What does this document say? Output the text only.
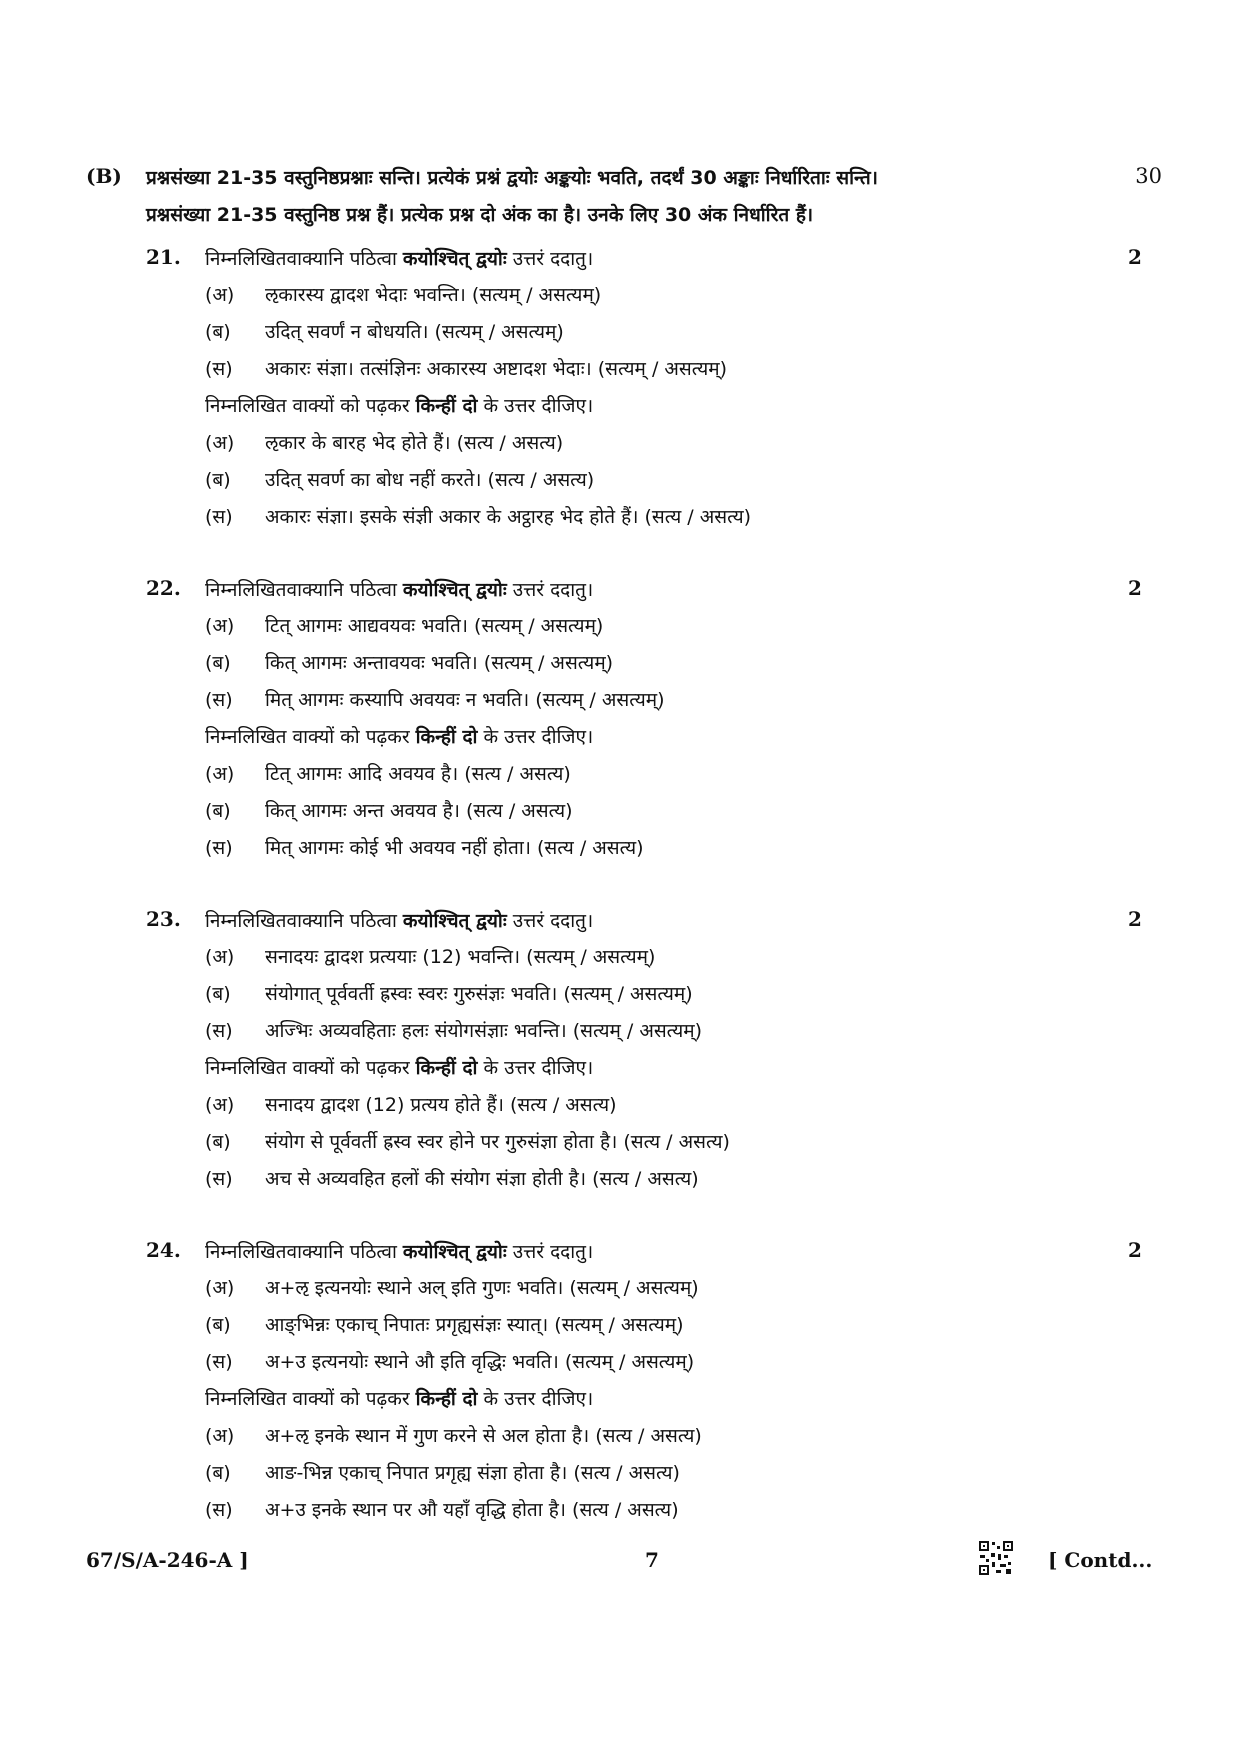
(B) प्रश्नसंख्या 21-35 वस्तुनिष्ठप्रश्नाः सन्ति। प्रत्येकं प्रश्नं द्वयोः अङ्कयोः भवति, तदर्थं 30 अङ्काः निर्धारिताः सन्ति।
प्रश्नसंख्या 21-35 वस्तुनिष्ठ प्रश्न हैं। प्रत्येक प्रश्न दो अंक का है। उनके लिए 30 अंक निर्धारित हैं।
30
21. निम्नलिखितवाक्यानि पठित्वा कयोश्चित् द्वयोः उत्तरं ददातु।	2
(अ) ऌकारस्य द्वादश भेदाः भवन्ति। (सत्यम् / असत्यम्)
(ब) उदित् सवर्णं न बोधयति। (सत्यम् / असत्यम्)
(स) अकारः संज्ञा। तत्संज्ञिनः अकारस्य अष्टादश भेदाः। (सत्यम् / असत्यम्)
निम्नलिखित वाक्यों को पढ़कर किन्हीं दो के उत्तर दीजिए।
(अ) ऌकार के बारह भेद होते हैं। (सत्य / असत्य)
(ब) उदित् सवर्ण का बोध नहीं करते। (सत्य / असत्य)
(स) अकारः संज्ञा। इसके संज्ञी अकार के अट्ठारह भेद होते हैं। (सत्य / असत्य)
22. निम्नलिखितवाक्यानि पठित्वा कयोश्चित् द्वयोः उत्तरं ददातु।	2
(अ) टित् आगमः आद्यवयवः भवति। (सत्यम् / असत्यम्)
(ब) कित् आगमः अन्तावयवः भवति। (सत्यम् / असत्यम्)
(स) मित् आगमः कस्यापि अवयवः न भवति। (सत्यम् / असत्यम्)
निम्नलिखित वाक्यों को पढ़कर किन्हीं दो के उत्तर दीजिए।
(अ) टित् आगमः आदि अवयव है। (सत्य / असत्य)
(ब) कित् आगमः अन्त अवयव है। (सत्य / असत्य)
(स) मित् आगमः कोई भी अवयव नहीं होता। (सत्य / असत्य)
23. निम्नलिखितवाक्यानि पठित्वा कयोश्चित् द्वयोः उत्तरं ददातु।	2
(अ) सनादयः द्वादश प्रत्ययाः (12) भवन्ति। (सत्यम् / असत्यम्)
(ब) संयोगात् पूर्ववर्ती ह्रस्वः स्वरः गुरुसंज्ञः भवति। (सत्यम् / असत्यम्)
(स) अज्भिः अव्यवहिताः हलः संयोगसंज्ञाः भवन्ति। (सत्यम् / असत्यम्)
निम्नलिखित वाक्यों को पढ़कर किन्हीं दो के उत्तर दीजिए।
(अ) सनादय द्वादश (12) प्रत्यय होते हैं। (सत्य / असत्य)
(ब) संयोग से पूर्ववर्ती ह्रस्व स्वर होने पर गुरुसंज्ञा होता है। (सत्य / असत्य)
(स) अच से अव्यवहित हलों की संयोग संज्ञा होती है। (सत्य / असत्य)
24. निम्नलिखितवाक्यानि पठित्वा कयोश्चित् द्वयोः उत्तरं ददातु।	2
(अ) अ+ऌ इत्यनयोः स्थाने अल् इति गुणः भवति। (सत्यम् / असत्यम्)
(ब) आङ्भिन्नः एकाच् निपातः प्रगृह्यसंज्ञः स्यात्। (सत्यम् / असत्यम्)
(स) अ+उ इत्यनयोः स्थाने औ इति वृद्धिः भवति। (सत्यम् / असत्यम्)
निम्नलिखित वाक्यों को पढ़कर किन्हीं दो के उत्तर दीजिए।
(अ) अ+ऌ इनके स्थान में गुण करने से अल होता है। (सत्य / असत्य)
(ब) आङ-भिन्न एकाच् निपात प्रगृह्य संज्ञा होता है। (सत्य / असत्य)
(स) अ+उ इनके स्थान पर औ यहाँ वृद्धि होता है। (सत्य / असत्य)
67/S/A-246-A ]	7	[ Contd...
